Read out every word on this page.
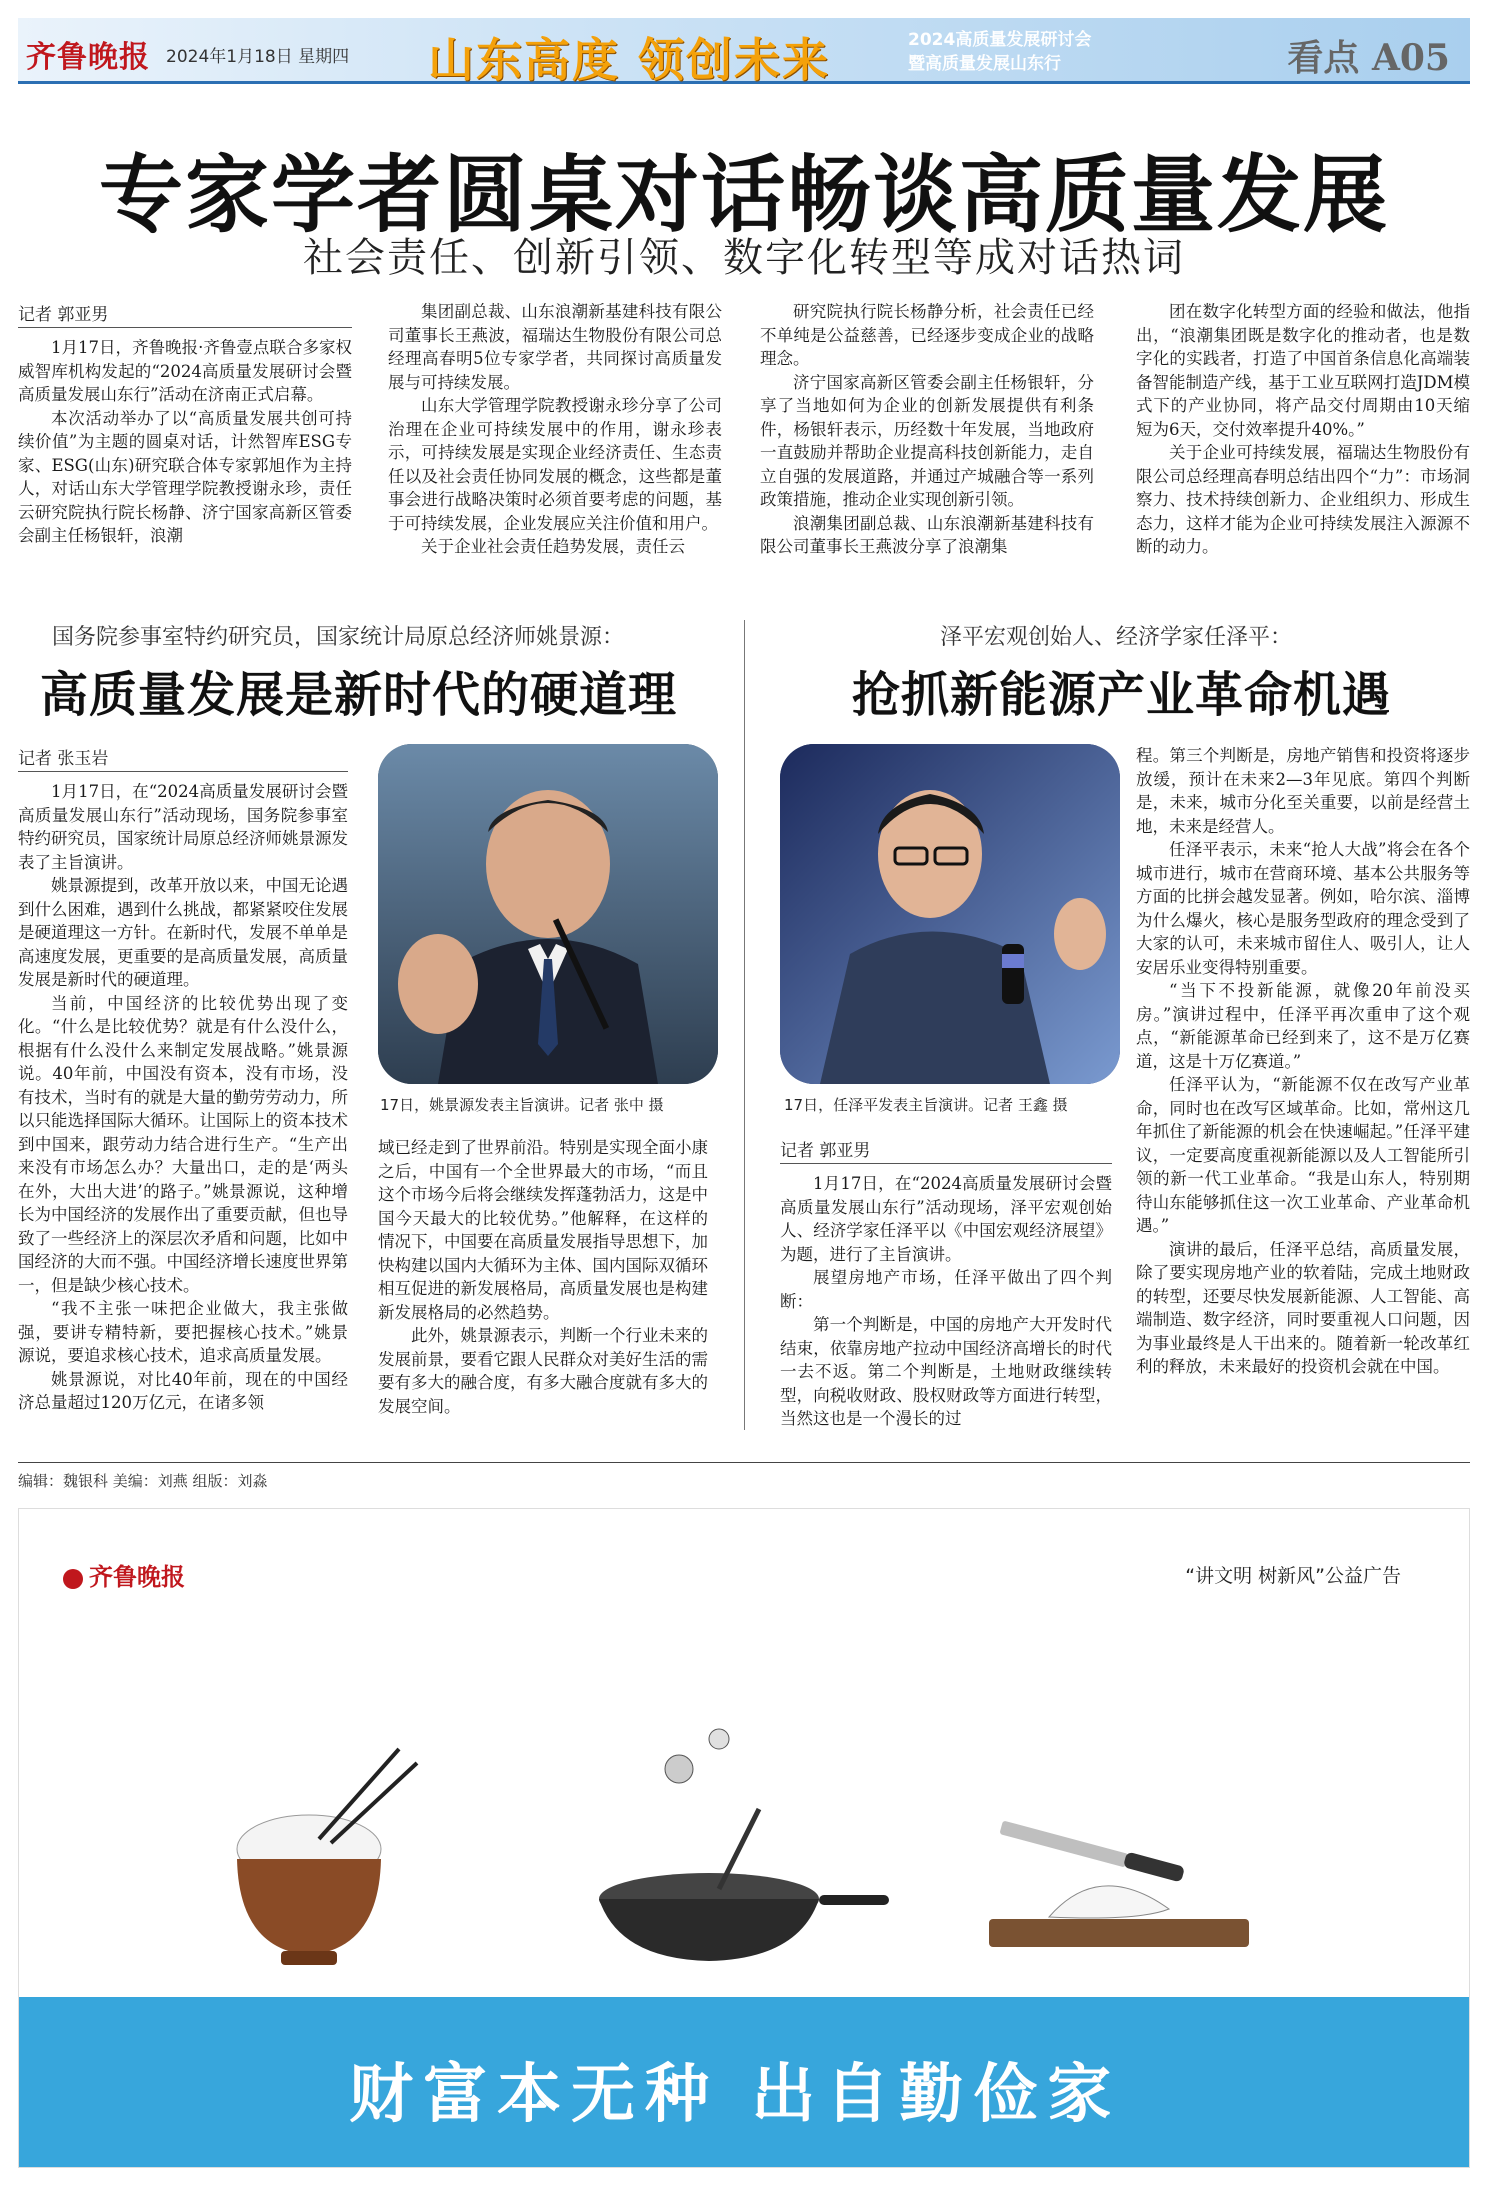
齐鲁晚报 2024年1月18日 星期四 山东高度 领创未来	2024高质量发展研讨会
暨高质量发展山东行	看点 A05
专家学者圆桌对话畅谈高质量发展
社会责任、创新引领、数字化转型等成对话热词
记者 郭亚男

1月17日，齐鲁晚报·齐鲁壹点联合多家权威智库机构发起的“2024高质量发展研讨会暨高质量发展山东行”活动在济南正式启幕。

本次活动举办了以“高质量发展共创可持续价值”为主题的圆桌对话，计然智库ESG专家、ESG(山东)研究联合体专家郭旭作为主持人，对话山东大学管理学院教授谢永珍，责任云研究院执行院长杨静、济宁国家高新区管委会副主任杨银轩，浪潮

集团副总裁、山东浪潮新基建科技有限公司董事长王燕波，福瑞达生物股份有限公司总经理高春明5位专家学者，共同探讨高质量发展与可持续发展。

山东大学管理学院教授谢永珍分享了公司治理在企业可持续发展中的作用，谢永珍表示，可持续发展是实现企业经济责任、生态责任以及社会责任协同发展的概念，这些都是董事会进行战略决策时必须首要考虑的问题，基于可持续发展，企业发展应关注价值和用户。

关于企业社会责任趋势发展，责任云

研究院执行院长杨静分析，社会责任已经不单纯是公益慈善，已经逐步变成企业的战略理念。

济宁国家高新区管委会副主任杨银轩，分享了当地如何为企业的创新发展提供有利条件，杨银轩表示，历经数十年发展，当地政府一直鼓励并帮助企业提高科技创新能力，走自立自强的发展道路，并通过产城融合等一系列政策措施，推动企业实现创新引领。

浪潮集团副总裁、山东浪潮新基建科技有限公司董事长王燕波分享了浪潮集

团在数字化转型方面的经验和做法，他指出，“浪潮集团既是数字化的推动者，也是数字化的实践者，打造了中国首条信息化高端装备智能制造产线，基于工业互联网打造JDM模式下的产业协同，将产品交付周期由10天缩短为6天，交付效率提升40%。”

关于企业可持续发展，福瑞达生物股份有限公司总经理高春明总结出四个“力”：市场洞察力、技术持续创新力、企业组织力、形成生态力，这样才能为企业可持续发展注入源源不断的动力。

国务院参事室特约研究员，国家统计局原总经济师姚景源：
高质量发展是新时代的硬道理
记者 张玉岩

1月17日，在“2024高质量发展研讨会暨高质量发展山东行”活动现场，国务院参事室特约研究员，国家统计局原总经济师姚景源发表了主旨演讲。

姚景源提到，改革开放以来，中国无论遇到什么困难，遇到什么挑战，都紧紧咬住发展是硬道理这一方针。在新时代，发展不单单是高速度发展，更重要的是高质量发展，高质量发展是新时代的硬道理。

当前，中国经济的比较优势出现了变化。“什么是比较优势？就是有什么没什么，根据有什么没什么来制定发展战略。”姚景源说。40年前，中国没有资本，没有市场，没有技术，当时有的就是大量的勤劳劳动力，所以只能选择国际大循环。让国际上的资本技术到中国来，跟劳动力结合进行生产。“生产出来没有市场怎么办？大量出口，走的是‘两头在外，大出大进’的路子。”姚景源说，这种增长为中国经济的发展作出了重要贡献，但也导致了一些经济上的深层次矛盾和问题，比如中国经济的大而不强。中国经济增长速度世界第一，但是缺少核心技术。

“我不主张一味把企业做大，我主张做强，要讲专精特新，要把握核心技术。”姚景源说，要追求核心技术，追求高质量发展。

姚景源说，对比40年前，现在的中国经济总量超过120万亿元，在诸多领

17日，姚景源发表主旨演讲。记者 张中 摄

域已经走到了世界前沿。特别是实现全面小康之后，中国有一个全世界最大的市场，“而且这个市场今后将会继续发挥蓬勃活力，这是中国今天最大的比较优势。”他解释，在这样的情况下，中国要在高质量发展指导思想下，加快构建以国内大循环为主体、国内国际双循环相互促进的新发展格局，高质量发展也是构建新发展格局的必然趋势。

此外，姚景源表示，判断一个行业未来的发展前景，要看它跟人民群众对美好生活的需要有多大的融合度，有多大融合度就有多大的发展空间。

泽平宏观创始人、经济学家任泽平：
抢抓新能源产业革命机遇
17日，任泽平发表主旨演讲。记者 王鑫 摄
记者 郭亚男

1月17日，在“2024高质量发展研讨会暨高质量发展山东行”活动现场，泽平宏观创始人、经济学家任泽平以《中国宏观经济展望》为题，进行了主旨演讲。

展望房地产市场，任泽平做出了四个判断：

第一个判断是，中国的房地产大开发时代结束，依靠房地产拉动中国经济高增长的时代一去不返。第二个判断是，土地财政继续转型，向税收财政、股权财政等方面进行转型，当然这也是一个漫长的过

程。第三个判断是，房地产销售和投资将逐步放缓，预计在未来2—3年见底。第四个判断是，未来，城市分化至关重要，以前是经营土地，未来是经营人。

任泽平表示，未来“抢人大战”将会在各个城市进行，城市在营商环境、基本公共服务等方面的比拼会越发显著。例如，哈尔滨、淄博为什么爆火，核心是服务型政府的理念受到了大家的认可，未来城市留住人、吸引人，让人安居乐业变得特别重要。

“当下不投新能源，就像20年前没买房。”演讲过程中，任泽平再次重申了这个观点，“新能源革命已经到来了，这不是万亿赛道，这是十万亿赛道。”

任泽平认为，“新能源不仅在改写产业革命，同时也在改写区域革命。比如，常州这几年抓住了新能源的机会在快速崛起。”任泽平建议，一定要高度重视新能源以及人工智能所引领的新一代工业革命。“我是山东人，特别期待山东能够抓住这一次工业革命、产业革命机遇。”

演讲的最后，任泽平总结，高质量发展，除了要实现房地产业的软着陆，完成土地财政的转型，还要尽快发展新能源、人工智能、高端制造、数字经济，同时要重视人口问题，因为事业最终是人干出来的。随着新一轮改革红利的释放，未来最好的投资机会就在中国。

编辑：魏银科 美编：刘燕 组版：刘淼
齐鲁晚报	“讲文明 树新风”公益广告
财富本无种 出自勤俭家
